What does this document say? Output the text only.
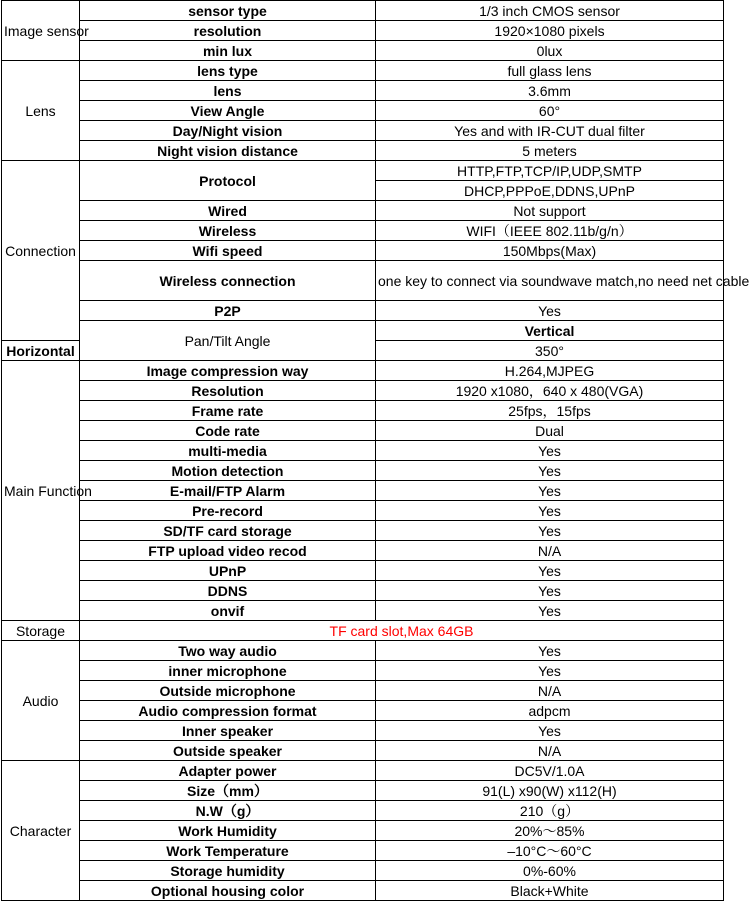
Image sensor	sensor type	1/3 inch CMOS sensor	
	resolution	1920×1080 pixels	
	min lux	0lux	
Lens	lens type	full glass lens	
	lens	3.6mm	
	View Angle	60°	
	Day/Night vision	Yes and with IR-CUT dual filter	
	Night vision distance	5 meters	
Connection	Protocol	HTTP,FTP,TCP/IP,UDP,SMTP	
		DHCP,PPPoE,DDNS,UPnP	
	Wired	Not support	
	Wireless	WIFI（IEEE 802.11b/g/n）	
	Wifi speed	150Mbps(Max)	
	Wireless connection	one key to connect via soundwave match,no need net cable	
	P2P	Yes	
	Pan/Tilt Angle	Vertical	
Horizontal		350°	
Main Function	Image compression way	H.264,MJPEG	
	Resolution	1920 x1080，640 x 480(VGA)	
	Frame rate	25fps，15fps	
	Code rate	Dual	
	multi-media	Yes	
	Motion detection	Yes	
	E-mail/FTP Alarm	Yes	
	Pre-record	Yes	
	SD/TF card storage	Yes	
	FTP upload video recod	N/A	
	UPnP	Yes	
	DDNS	Yes	
	onvif	Yes	
Storage	TF card slot,Max 64GB		
Audio	Two way audio	Yes	
	inner microphone	Yes	
	Outside microphone	N/A	
	Audio compression format	adpcm	
	Inner speaker	Yes	
	Outside speaker	N/A	
Character	Adapter power	DC5V/1.0A	
	Size（mm）	91(L) x90(W) x112(H)	
	N.W（g）	210（g）	
	Work Humidity	20%～85%	
	Work Temperature	–10°C～60°C	
	Storage humidity	0%-60%	
	Optional housing color	Black+White	
